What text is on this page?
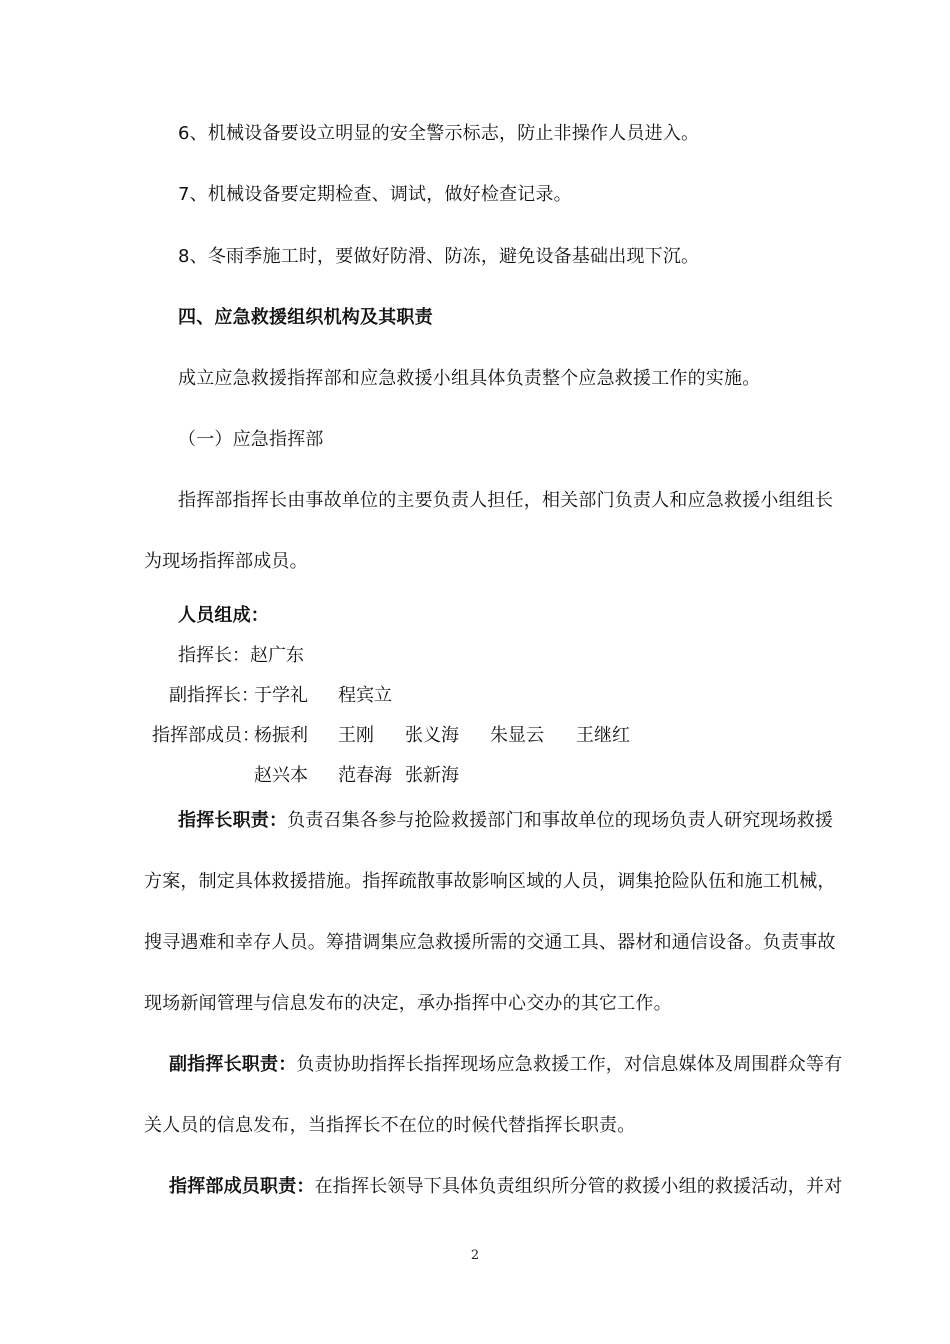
6、机械设备要设立明显的安全警示标志，防止非操作人员进入。
7、机械设备要定期检查、调试，做好检查记录。
8、冬雨季施工时，要做好防滑、防冻，避免设备基础出现下沉。
四、应急救援组织机构及其职责
成立应急救援指挥部和应急救援小组具体负责整个应急救援工作的实施。
（一）应急指挥部
指挥部指挥长由事故单位的主要负责人担任，相关部门负责人和应急救援小组组长
为现场指挥部成员。
人员组成：
指挥长： 赵广东
副指挥长：
于学礼 程宾立
指挥部成员：
杨振利 王刚 张义海 朱显云 王继红
赵兴本 范春海 张新海
指挥长职责：负责召集各参与抢险救援部门和事故单位的现场负责人研究现场救援
方案，制定具体救援措施。指挥疏散事故影响区域的人员，调集抢险队伍和施工机械，
搜寻遇难和幸存人员。筹措调集应急救援所需的交通工具、器材和通信设备。负责事故
现场新闻管理与信息发布的决定，承办指挥中心交办的其它工作。
副指挥长职责：负责协助指挥长指挥现场应急救援工作，对信息媒体及周围群众等有
关人员的信息发布，当指挥长不在位的时候代替指挥长职责。
指挥部成员职责：在指挥长领导下具体负责组织所分管的救援小组的救援活动，并对
2
